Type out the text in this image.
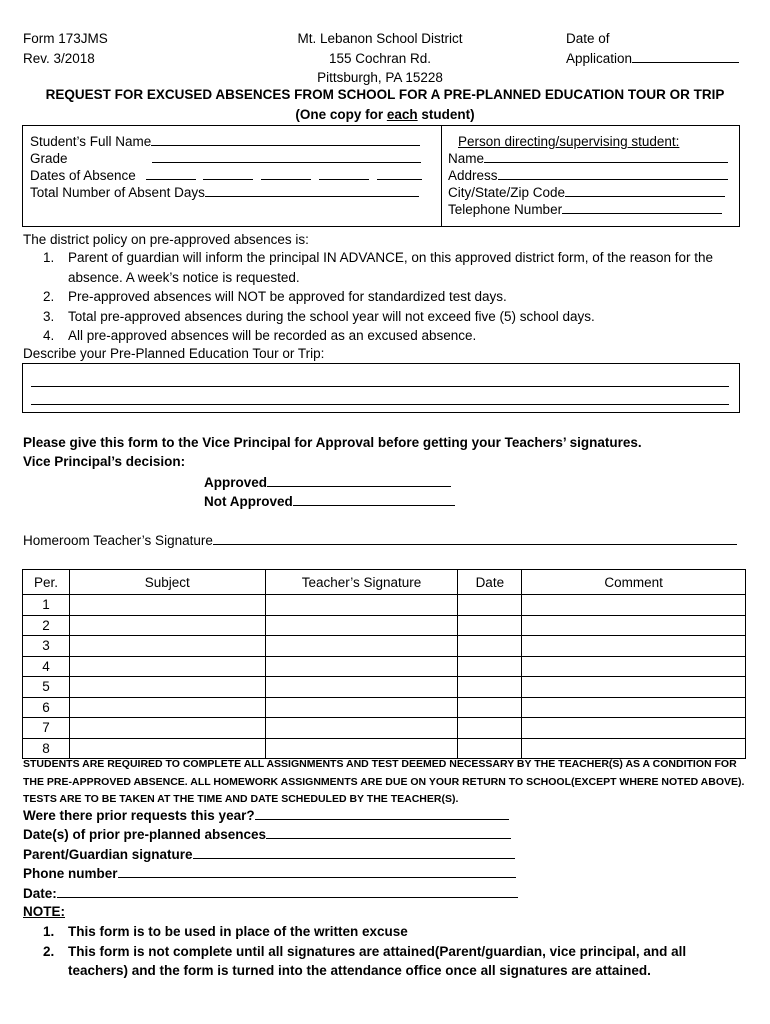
Form 173JMS
Rev. 3/2018
Mt. Lebanon School District
155 Cochran Rd.
Pittsburgh, PA 15228
Date of
Application
REQUEST FOR EXCUSED ABSENCES FROM SCHOOL FOR A PRE-PLANNED EDUCATION TOUR OR TRIP
(One copy for each student)
Student’s Full Name
Grade
Dates of Absence
Total Number of Absent Days
Person directing/supervising student:
Name
Address
City/State/Zip Code
Telephone Number
The district policy on pre-approved absences is:
1. Parent of guardian will inform the principal IN ADVANCE, on this approved district form, of the reason for the absence. A week’s notice is requested.
2. Pre-approved absences will NOT be approved for standardized test days.
3. Total pre-approved absences during the school year will not exceed five (5) school days.
4. All pre-approved absences will be recorded as an excused absence.
Describe your Pre-Planned Education Tour or Trip:
Please give this form to the Vice Principal for Approval before getting your Teachers’ signatures.
Vice Principal’s decision:
Approved
Not Approved
Homeroom Teacher’s Signature
Per.	Subject	Teacher’s Signature	Date	Comment
1				
2				
3				
4				
5				
6				
7				
8				
STUDENTS ARE REQUIRED TO COMPLETE ALL ASSIGNMENTS AND TEST DEEMED NECESSARY BY THE TEACHER(S) AS A CONDITION FOR THE PRE-APPROVED ABSENCE. ALL HOMEWORK ASSIGNMENTS ARE DUE ON YOUR RETURN TO SCHOOL(EXCEPT WHERE NOTED ABOVE). TESTS ARE TO BE TAKEN AT THE TIME AND DATE SCHEDULED BY THE TEACHER(S).
Were there prior requests this year?
Date(s) of prior pre-planned absences
Parent/Guardian signature
Phone number
Date:
NOTE:
1. This form is to be used in place of the written excuse
2. This form is not complete until all signatures are attained(Parent/guardian, vice principal, and all teachers) and the form is turned into the attendance office once all signatures are attained.
